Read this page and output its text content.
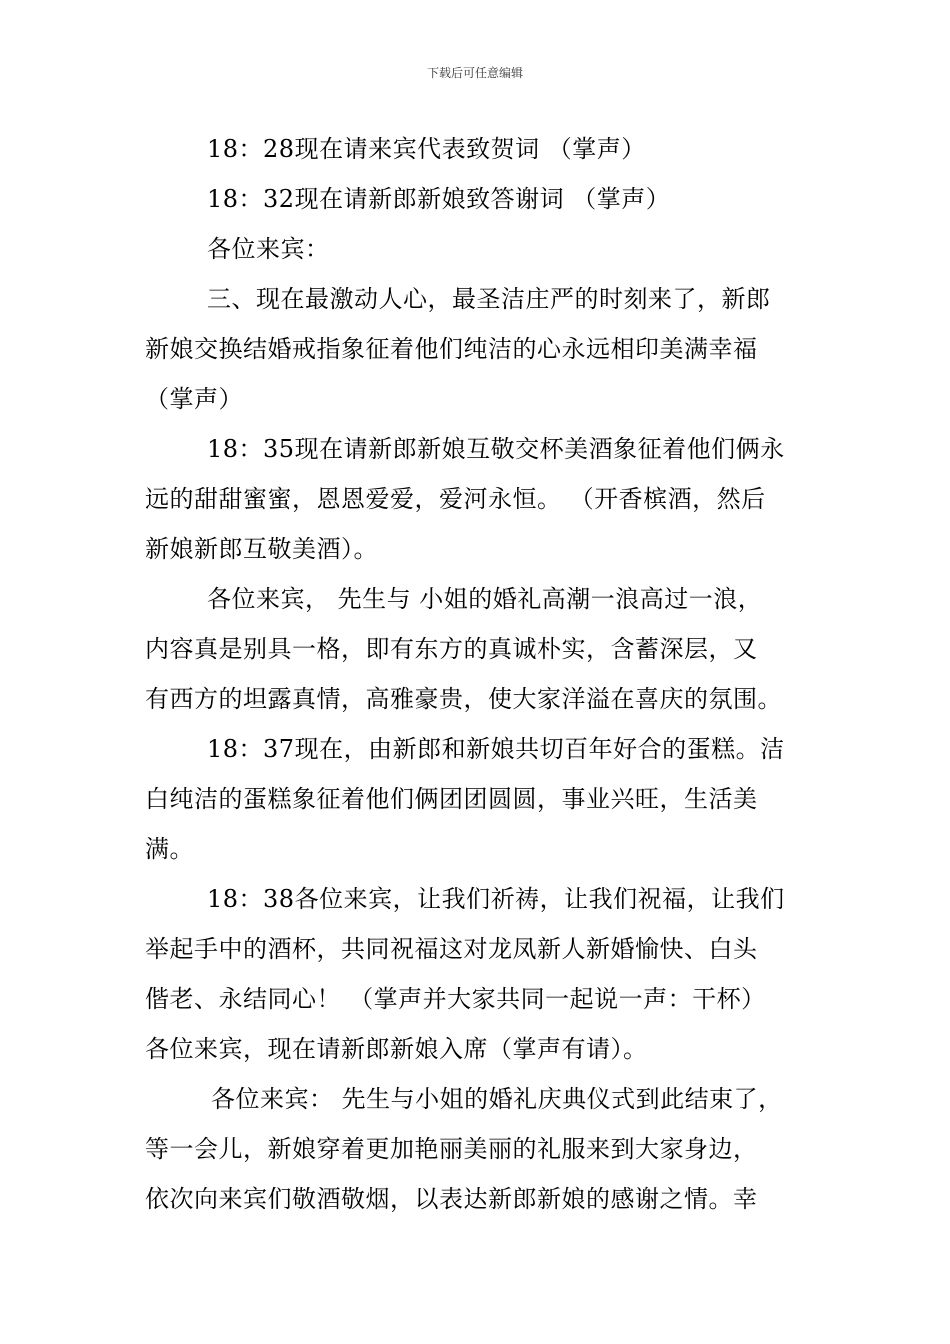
下载后可任意编辑

18：28现在请来宾代表致贺词 （掌声）

18：32现在请新郎新娘致答谢词 （掌声）

各位来宾：

三、现在最激动人心，最圣洁庄严的时刻来了，新郎

新娘交换结婚戒指象征着他们纯洁的心永远相印美满幸福

（掌声）

18：35现在请新郎新娘互敬交杯美酒象征着他们俩永

远的甜甜蜜蜜，恩恩爱爱，爱河永恒。 （开香槟酒，然后

新娘新郎互敬美酒）。

各位来宾， 先生与 小姐的婚礼高潮一浪高过一浪，

内容真是别具一格，即有东方的真诚朴实，含蓄深层，又

有西方的坦露真情，高雅豪贵，使大家洋溢在喜庆的氛围。

18：37现在，由新郎和新娘共切百年好合的蛋糕。洁

白纯洁的蛋糕象征着他们俩团团圆圆，事业兴旺，生活美

满。

18：38各位来宾，让我们祈祷，让我们祝福，让我们

举起手中的酒杯，共同祝福这对龙凤新人新婚愉快、白头

偕老、永结同心！ （掌声并大家共同一起说一声：干杯）

各位来宾，现在请新郎新娘入席（掌声有请）。

各位来宾： 先生与小姐的婚礼庆典仪式到此结束了，

等一会儿，新娘穿着更加艳丽美丽的礼服来到大家身边，

依次向来宾们敬酒敬烟，以表达新郎新娘的感谢之情。幸
